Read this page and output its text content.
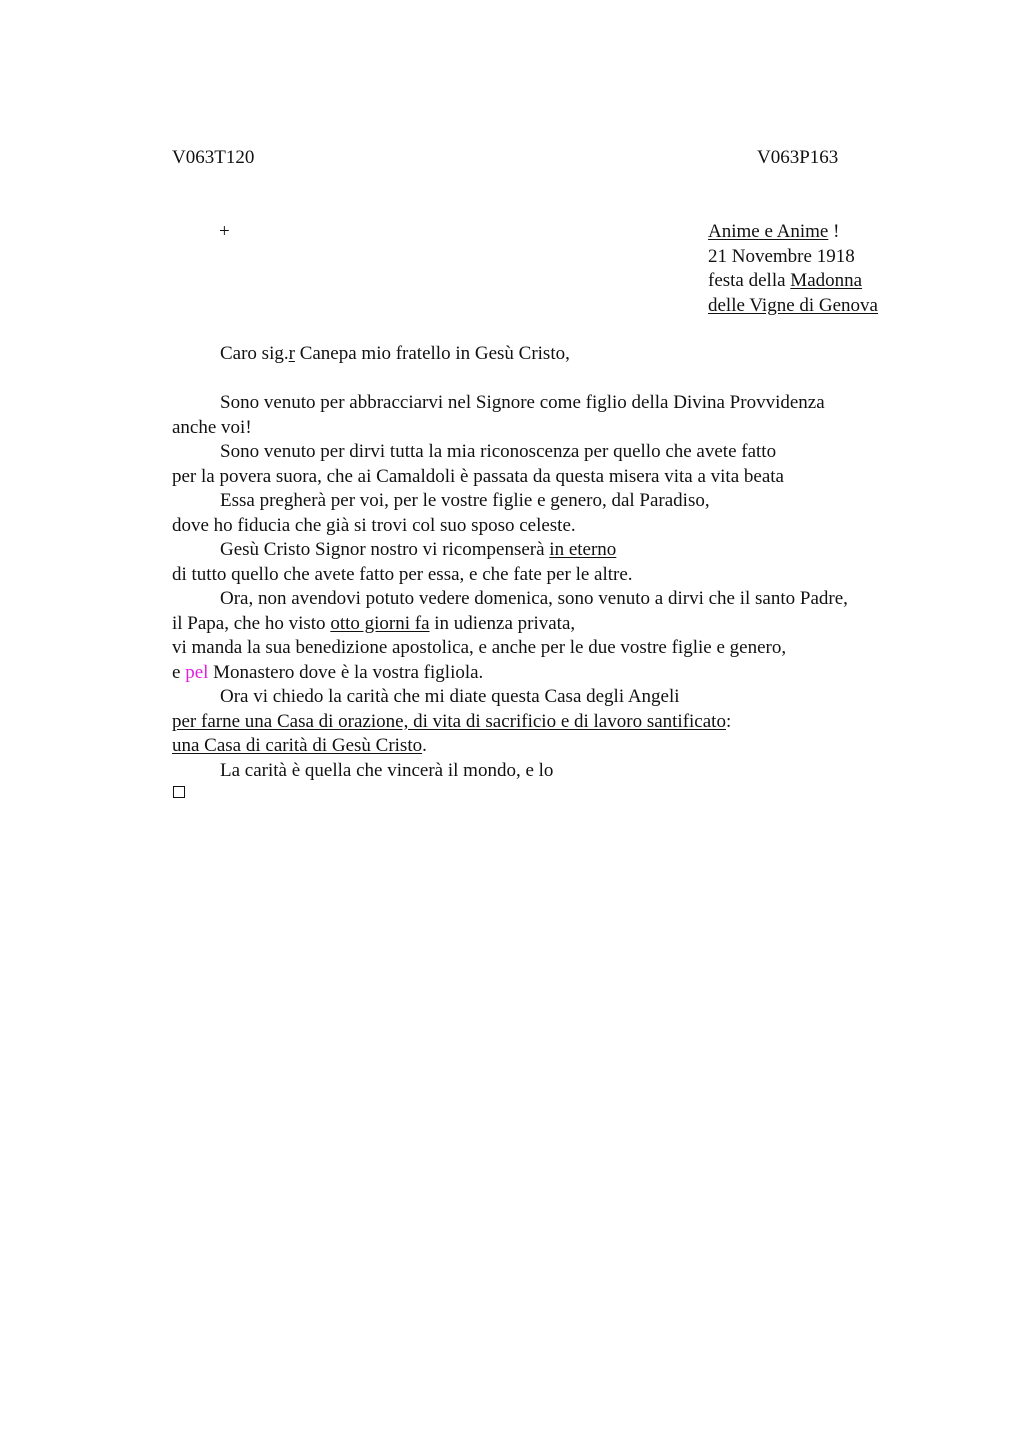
V063T120	V063P163
+	Anime e Anime !
21 Novembre 1918
festa della Madonna
delle Vigne di Genova
Caro sig.r Canepa mio fratello in Gesù Cristo,
Sono venuto per abbracciarvi nel Signore come figlio della Divina Provvidenza
anche voi!
Sono venuto per dirvi tutta la mia riconoscenza per quello che avete fatto
per la povera suora, che ai Camaldoli è passata da questa misera vita a vita beata
Essa pregherà per voi, per le vostre figlie e genero, dal Paradiso,
dove ho fiducia che già si trovi col suo sposo celeste.
Gesù Cristo Signor nostro vi ricompenserà in eterno
di tutto quello che avete fatto per essa, e che fate per le altre.
Ora, non avendovi potuto vedere domenica, sono venuto a dirvi che il santo Padre,
il Papa, che ho visto otto giorni fa in udienza privata,
vi manda la sua benedizione apostolica, e anche per le due vostre figlie e genero,
e pel Monastero dove è la vostra figliola.
Ora vi chiedo la carità che mi diate questa Casa degli Angeli
per farne una Casa di orazione, di vita di sacrificio e di lavoro santificato:
una Casa di carità di Gesù Cristo.
La carità è quella che vincerà il mondo, e lo
